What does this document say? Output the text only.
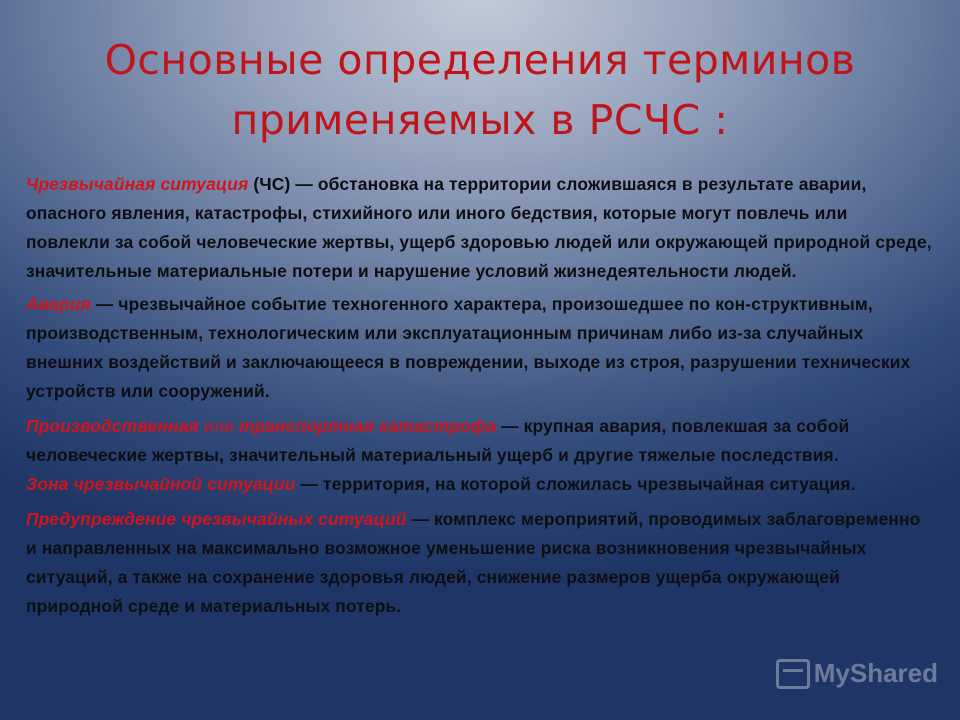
Основные определения терминов
применяемых в РСЧС :
Чрезвычайная ситуация (ЧС) — обстановка на территории сложившаяся в результате аварии, опасного явления, катастрофы, стихийного или иного бедствия, которые могут повлечь или повлекли за собой человеческие жертвы, ущерб здоровью людей или окружающей природной среде, значительные материальные потери и нарушение условий жизнедеятельности людей.
Авария — чрезвычайное событие техногенного характера, произошедшее по кон-структивным, производственным, технологическим или эксплуатационным причинам либо из-за случайных внешних воздействий и заключающееся в повреждении, выходе из строя, разрушении технических устройств или сооружений.
Производственная или транспортная катастрофа — крупная авария, повлекшая за собой человеческие жертвы, значительный материальный ущерб и другие тяжелые последствия.
Зона чрезвычайной ситуации — территория, на которой сложилась чрезвычайная ситуация.
Предупреждение чрезвычайных ситуаций — комплекс мероприятий, проводимых заблаговременно и направленных на максимально возможное уменьшение риска возникновения чрезвычайных ситуаций, а также на сохранение здоровья людей, снижение размеров ущерба окружающей природной среде и материальных потерь.
MyShared
